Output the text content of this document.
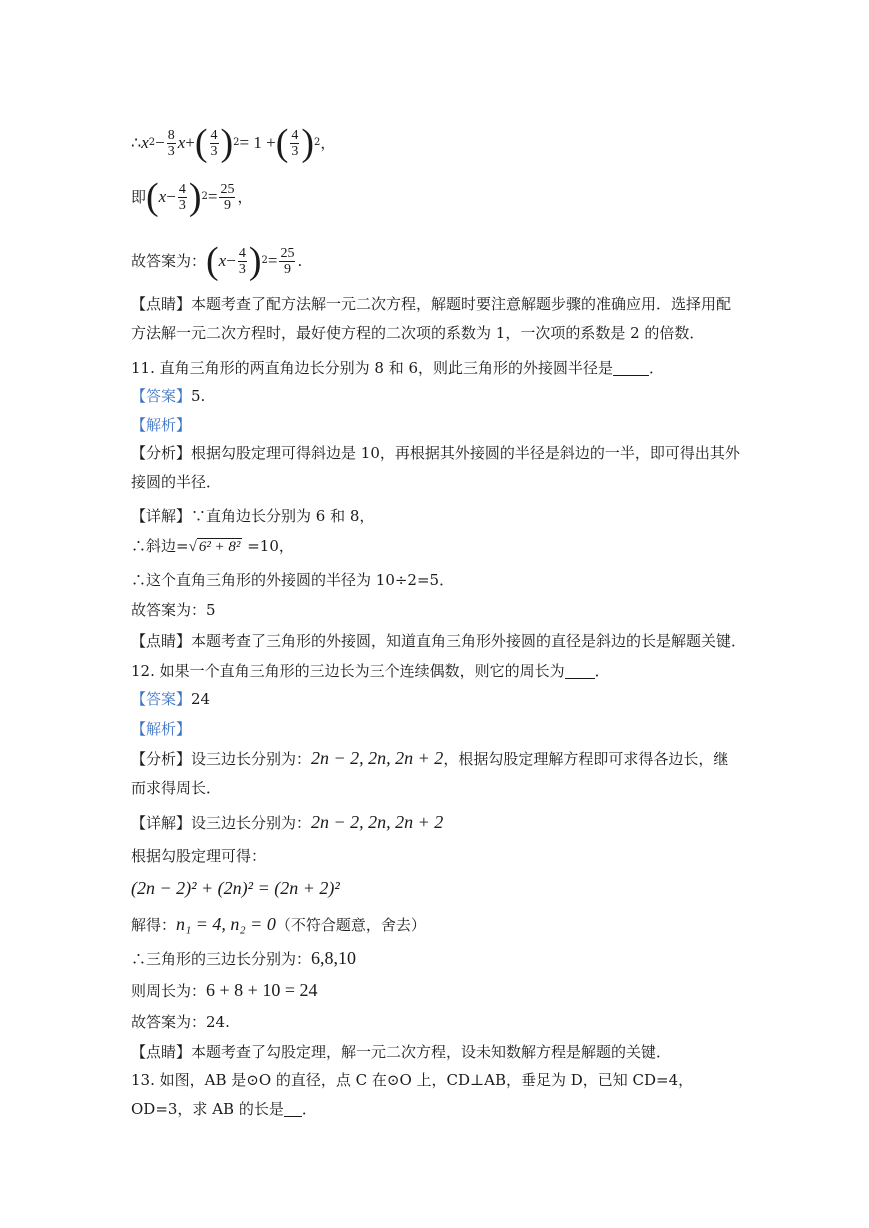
∴ x $2 - \frac{8}{3}$ x + ( $\frac{4}{3}$ ) 2 = 1 + ( $\frac{4}{3}$ ) 2 ，
即 ( $x - \frac{4}{3}$ ) $2 = \frac{25}{9}$ ，
故答案为： ( $x - \frac{4}{3}$ ) $2 = \frac{25}{9}$ .
【点睛】本题考查了配方法解一元二次方程，解题时要注意解题步骤的准确应用．选择用配方法解一元二次方程时，最好使方程的二次项的系数为 1，一次项的系数是 2 的倍数．
11. 直角三角形的两直角边长分别为 8 和 6，则此三角形的外接圆半径是 ．
【答案】5.
【解析】
【分析】根据勾股定理可得斜边是 10，再根据其外接圆的半径是斜边的一半，即可得出其外接圆的半径．
【详解】∵直角边长分别为 6 和 8，
∴斜边=√ 6² + 8² =10，
∴这个直角三角形的外接圆的半径为 10÷2=5．
故答案为：5
【点睛】本题考查了三角形的外接圆，知道直角三角形外接圆的直径是斜边的长是解题关键．
12. 如果一个直角三角形的三边长为三个连续偶数，则它的周长为 ．
【答案】24
【解析】
【分析】设三边长分别为：2n − 2, 2n, 2n + 2，根据勾股定理解方程即可求得各边长，继而求得周长．
【详解】设三边长分别为：2n − 2, 2n, 2n + 2
根据勾股定理可得：
(2n − 2)² + (2n)² = (2n + 2)²
解得：n₁ = 4, n₂ = 0（不符合题意，舍去）
∴三角形的三边长分别为：6,8,10
则周长为：6 + 8 + 10 = 24
故答案为：24.
【点睛】本题考查了勾股定理，解一元二次方程，设未知数解方程是解题的关键．
13. 如图，AB 是⊙O 的直径，点 C 在⊙O 上，CD⊥AB，垂足为 D，已知 CD=4，OD=3，求 AB 的长是 ．
